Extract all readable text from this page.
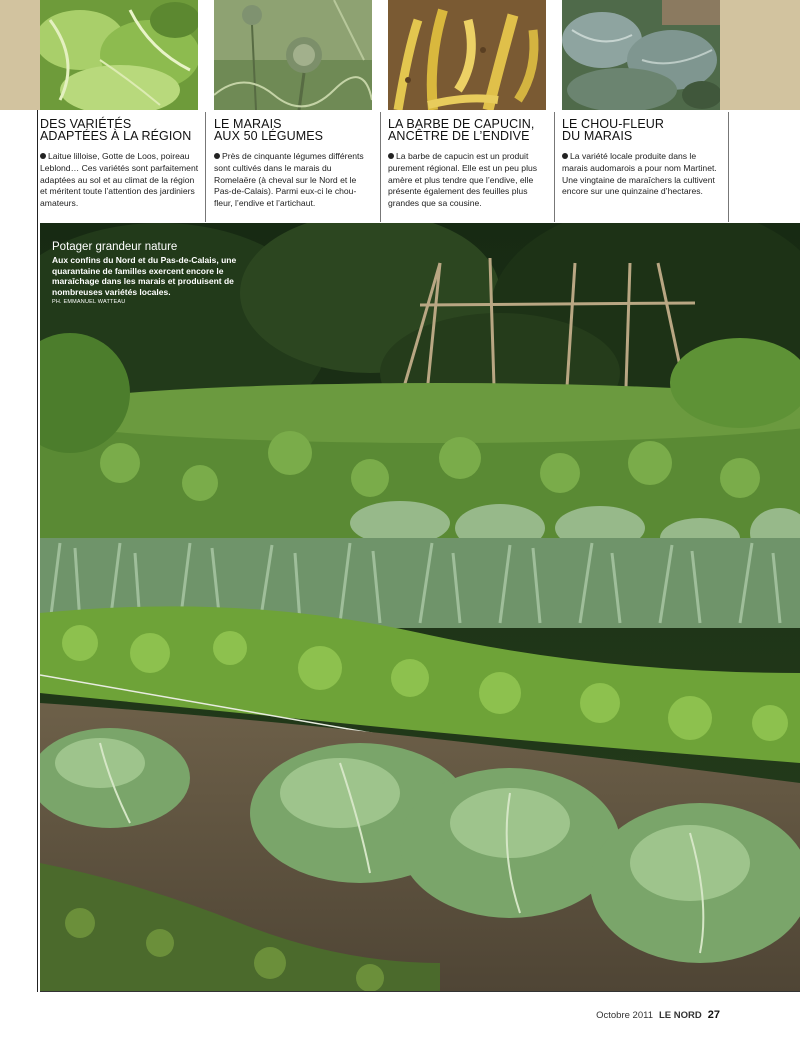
DES VARIÉTÉS
ADAPTÉES À LA RÉGION

Laitue lilloise, Gotte de Loos, poireau Leblond… Ces variétés sont parfaitement adaptées au sol et au climat de la région et méritent toute l’attention des jardiniers amateurs.

LE MARAIS
AUX 50 LÉGUMES

Près de cinquante légumes différents sont cultivés dans le marais du Romelaëre (à cheval sur le Nord et le Pas-de-Calais). Parmi eux-ci le chou-fleur, l’endive et l’artichaut.

LA BARBE DE CAPUCIN,
ANCÊTRE DE L’ENDIVE

La barbe de capucin est un produit purement régional. Elle est un peu plus amère et plus tendre que l’endive, elle présente également des feuilles plus grandes que sa cousine.

LE CHOU-FLEUR
DU MARAIS

La variété locale produite dans le marais audomarois a pour nom Martinet. Une vingtaine de maraîchers la cultivent encore sur une quinzaine d’hectares.

Potager grandeur nature
Aux confins du Nord et du Pas-de-Calais, une quarantaine de familles exercent encore le maraîchage dans les marais et produisent de nombreuses variétés locales.
PH. EMMANUEL WATTEAU
Octobre 2011 LE NORD 27
